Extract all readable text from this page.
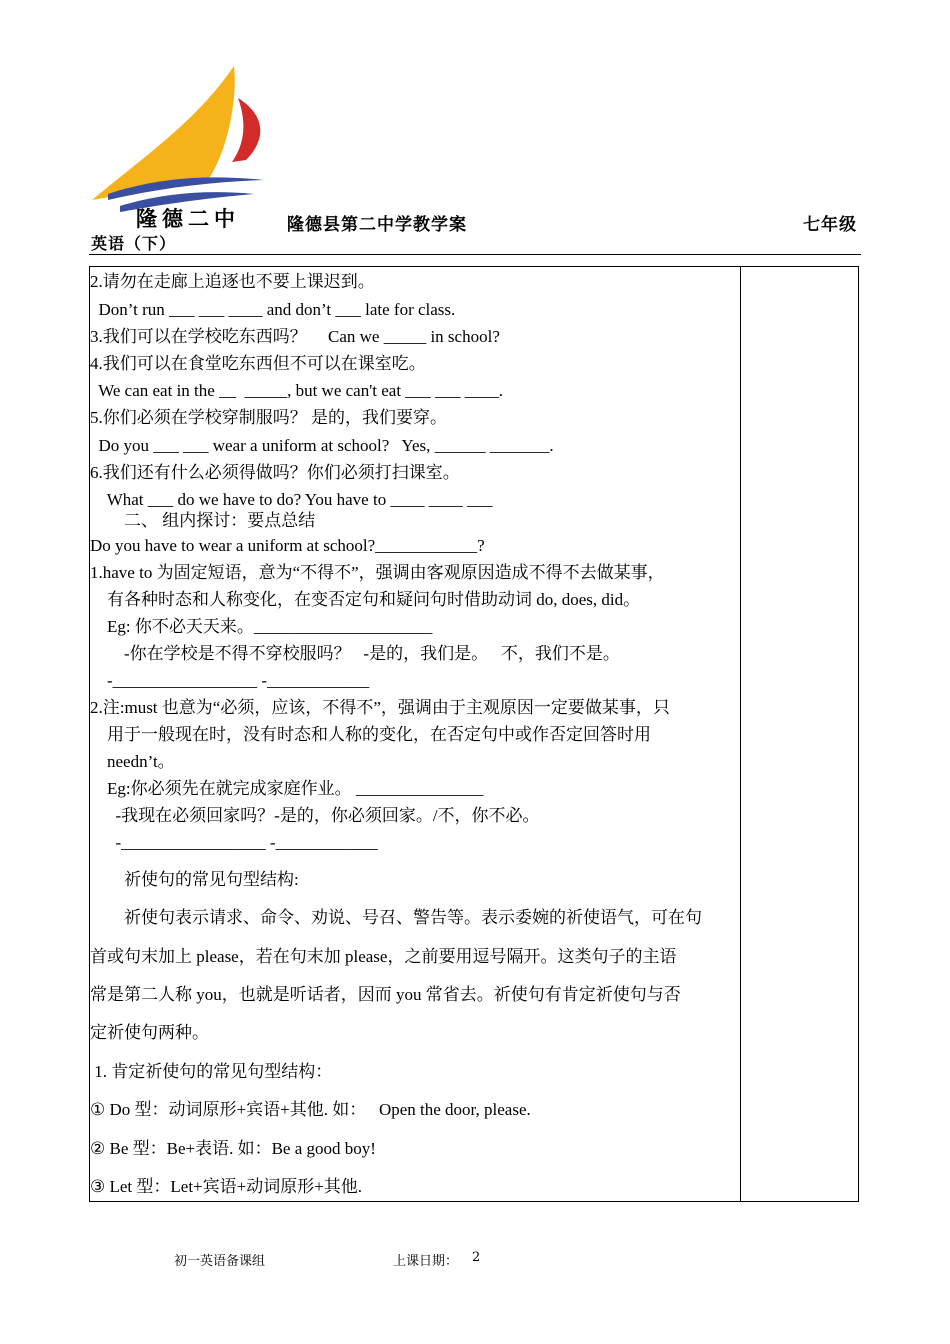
隆德二中	隆德县第二中学教学案	七年级
英语（下）
2.请勿在走廊上追逐也不要上课迟到。
Don’t run ___ ___ ____ and don’t ___ late for class.
3.我们可以在学校吃东西吗？     Can we _____ in school?
4.我们可以在食堂吃东西但不可以在课室吃。
We can eat in the __  _____, but we can't eat ___ ___ ____.
5.你们必须在学校穿制服吗？ 是的，我们要穿。
Do you ___ ___ wear a uniform at school?   Yes, ______ _______.
6.我们还有什么必须得做吗？你们必须打扫课室。
What ___ do we have to do? You have to ____ ____ ___
二、 组内探讨：要点总结
Do you have to wear a uniform at school?____________?
1.have to 为固定短语，意为“不得不”，强调由客观原因造成不得不去做某事，
有各种时态和人称变化，在变否定句和疑问句时借助动词 do, does, did。
Eg: 你不必天天来。_____________________
-你在学校是不得不穿校服吗？   -是的，我们是。   不，我们不是。
-_________________ -____________
2.注:must 也意为“必须，应该，不得不”，强调由于主观原因一定要做某事，只
用于一般现在时，没有时态和人称的变化，在否定句中或作否定回答时用
needn’t。
Eg:你必须先在就完成家庭作业。 _______________
-我现在必须回家吗？-是的，你必须回家。/不，你不必。
-_________________ -____________
祈使句的常见句型结构:
祈使句表示请求、命令、劝说、号召、警告等。表示委婉的祈使语气，可在句
首或句末加上 please，若在句末加 please，之前要用逗号隔开。这类句子的主语
常是第二人称 you，也就是听话者，因而 you 常省去。祈使句有肯定祈使句与否
定祈使句两种。
1. 肯定祈使句的常见句型结构：
① Do 型：动词原形+宾语+其他. 如：   Open the door, please.
② Be 型：Be+表语. 如：Be a good boy!
③ Let 型：Let+宾语+动词原形+其他.
初一英语备课组	上课日期： 2
